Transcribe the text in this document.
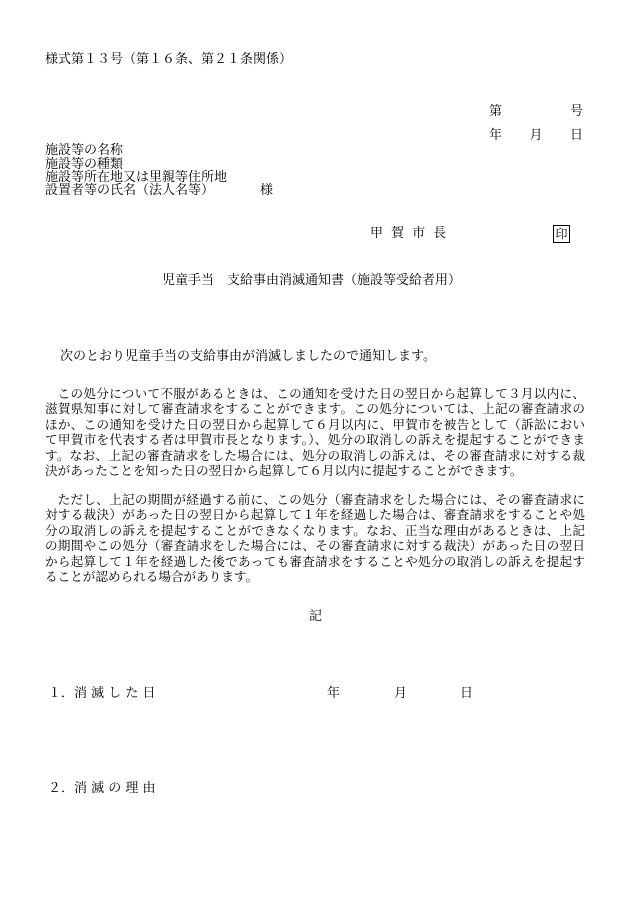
様式第１３号（第１６条、第２１条関係）
第	号
年 月 日
施設等の名称
施設等の種類
施設等所在地又は里親等住所地
設置者等の氏名（法人名等）	様
甲 賀 市 長	印
児童手当　支給事由消滅通知書（施設等受給者用）
次のとおり児童手当の支給事由が消滅しましたので通知します。
この処分について不服があるときは、この通知を受けた日の翌日から起算して３月以内に、滋賀県知事に対して審査請求をすることができます。この処分については、上記の審査請求のほか、この通知を受けた日の翌日から起算して６月以内に、甲賀市を被告として（訴訟において甲賀市を代表する者は甲賀市長となります。）、処分の取消しの訴えを提起することができます。なお、上記の審査請求をした場合には、処分の取消しの訴えは、その審査請求に対する裁決があったことを知った日の翌日から起算して６月以内に提起することができます。
ただし、上記の期間が経過する前に、この処分（審査請求をした場合には、その審査請求に対する裁決）があった日の翌日から起算して１年を経過した場合は、審査請求をすることや処分の取消しの訴えを提起することができなくなります。なお、正当な理由があるときは、上記の期間やこの処分（審査請求をした場合には、その審査請求に対する裁決）があった日の翌日から起算して１年を経過した後であっても審査請求をすることや処分の取消しの訴えを提起することが認められる場合があります。
記
１．消 滅 し た 日	年	月	日
２．消 滅 の 理 由
